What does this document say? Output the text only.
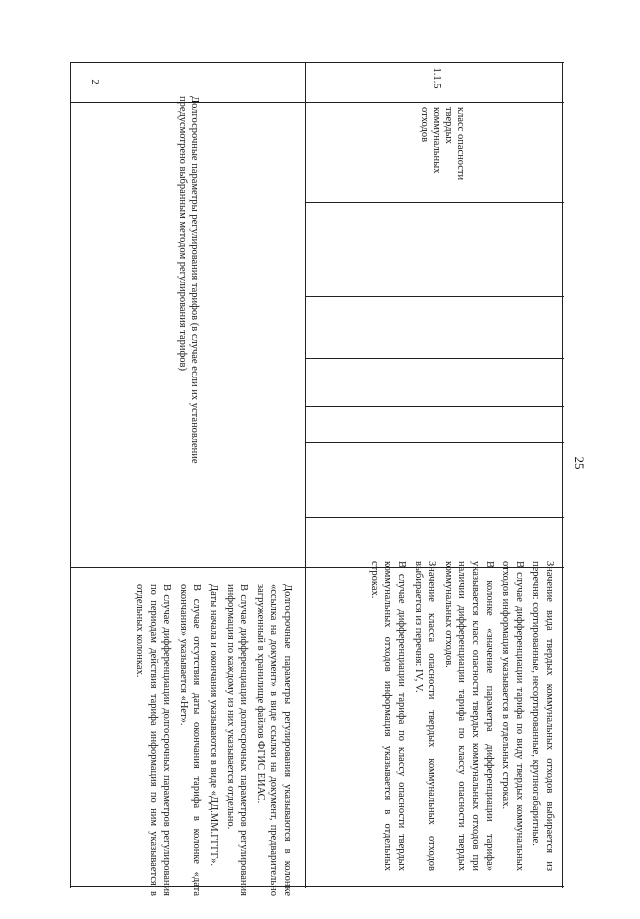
25
2
Долгосрочные параметры регулирования тарифов (в случае если их установление предусмотрено выбранным методом регулирования тарифов)

Долгосрочные параметры регулирования указываются в колонке «ссылка на документ» в виде ссылки на документ, предварительно загруженный в хранилище файлов ФГИС ЕИАС.

В случае дифференциации долгосрочных параметров регулирования информация по каждому из них указывается отдельно.

Даты начала и окончания указываются в виде «ДД.ММ.ГГГГ».

В случае отсутствия даты окончания тарифа в колонке «дата окончания» указывается «Нет».

В случае дифференциации долгосрочных параметров регулирования по периодам действия тарифа информация по ним указывается в отдельных колонках.

1.1.5
класс опасности твердых коммунальных отходов

Значение вида твердых коммунальных отходов выбирается из перечня: сортированные, несортированные, крупногабаритные.

В случае дифференциации тарифа по виду твердых коммунальных отходов информация указывается в отдельных строках.

В колонке «значение параметра дифференциации тарифа» указывается класс опасности твердых коммунальных отходов при наличии дифференциации тарифа по классу опасности твердых коммунальных отходов.

Значение класса опасности твердых коммунальных отходов выбирается из перечня: IV, V.

В случае дифференциации тарифа по классу опасности твердых коммунальных отходов информация указывается в отдельных строках.
